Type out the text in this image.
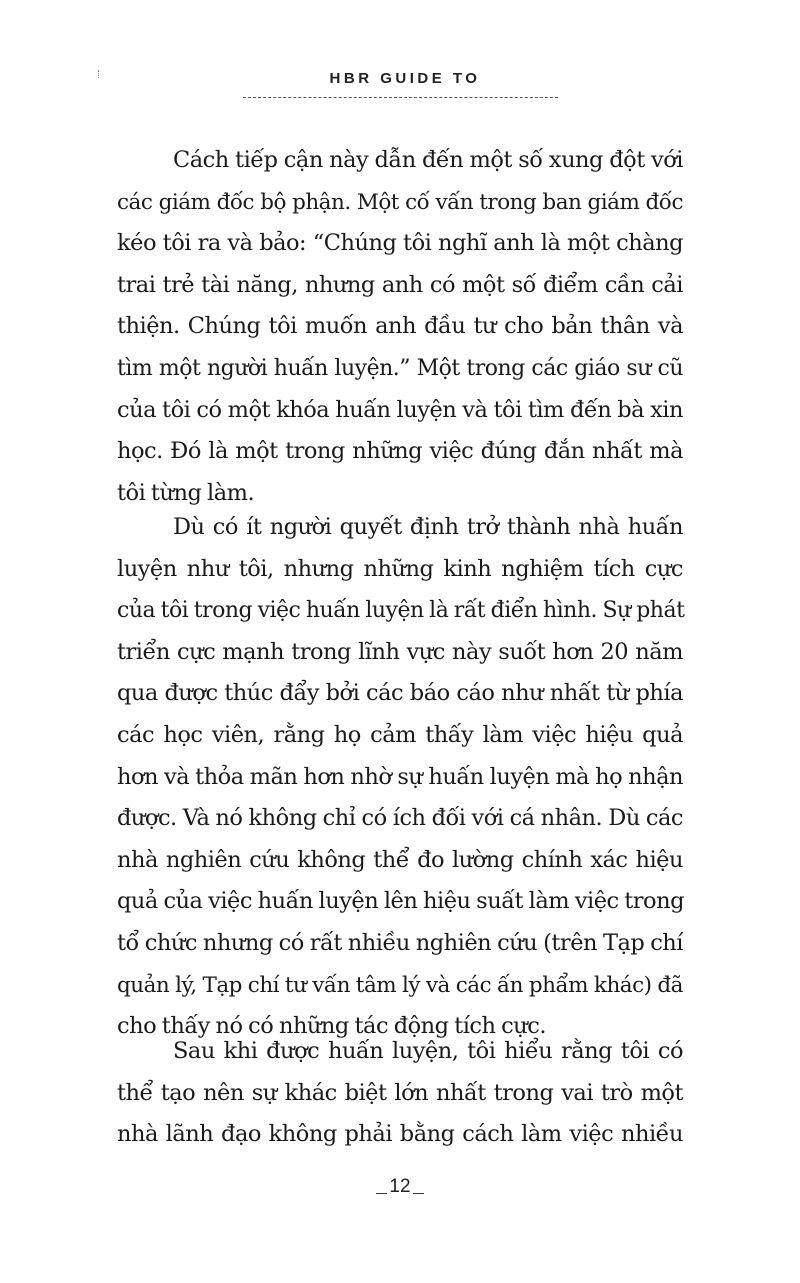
HBR GUIDE TO
Cách tiếp cận này dẫn đến một số xung đột với
các giám đốc bộ phận. Một cố vấn trong ban giám đốc
kéo tôi ra và bảo: “Chúng tôi nghĩ anh là một chàng
trai trẻ tài năng, nhưng anh có một số điểm cần cải
thiện. Chúng tôi muốn anh đầu tư cho bản thân và
tìm một người huấn luyện.” Một trong các giáo sư cũ
của tôi có một khóa huấn luyện và tôi tìm đến bà xin
học. Đó là một trong những việc đúng đắn nhất mà
tôi từng làm.
Dù có ít người quyết định trở thành nhà huấn
luyện như tôi, nhưng những kinh nghiệm tích cực
của tôi trong việc huấn luyện là rất điển hình. Sự phát
triển cực mạnh trong lĩnh vực này suốt hơn 20 năm
qua được thúc đẩy bởi các báo cáo như nhất từ phía
các học viên, rằng họ cảm thấy làm việc hiệu quả
hơn và thỏa mãn hơn nhờ sự huấn luyện mà họ nhận
được. Và nó không chỉ có ích đối với cá nhân. Dù các
nhà nghiên cứu không thể đo lường chính xác hiệu
quả của việc huấn luyện lên hiệu suất làm việc trong
tổ chức nhưng có rất nhiều nghiên cứu (trên Tạp chí
quản lý, Tạp chí tư vấn tâm lý và các ấn phẩm khác) đã
cho thấy nó có những tác động tích cực.
Sau khi được huấn luyện, tôi hiểu rằng tôi có
thể tạo nên sự khác biệt lớn nhất trong vai trò một
nhà lãnh đạo không phải bằng cách làm việc nhiều
12
